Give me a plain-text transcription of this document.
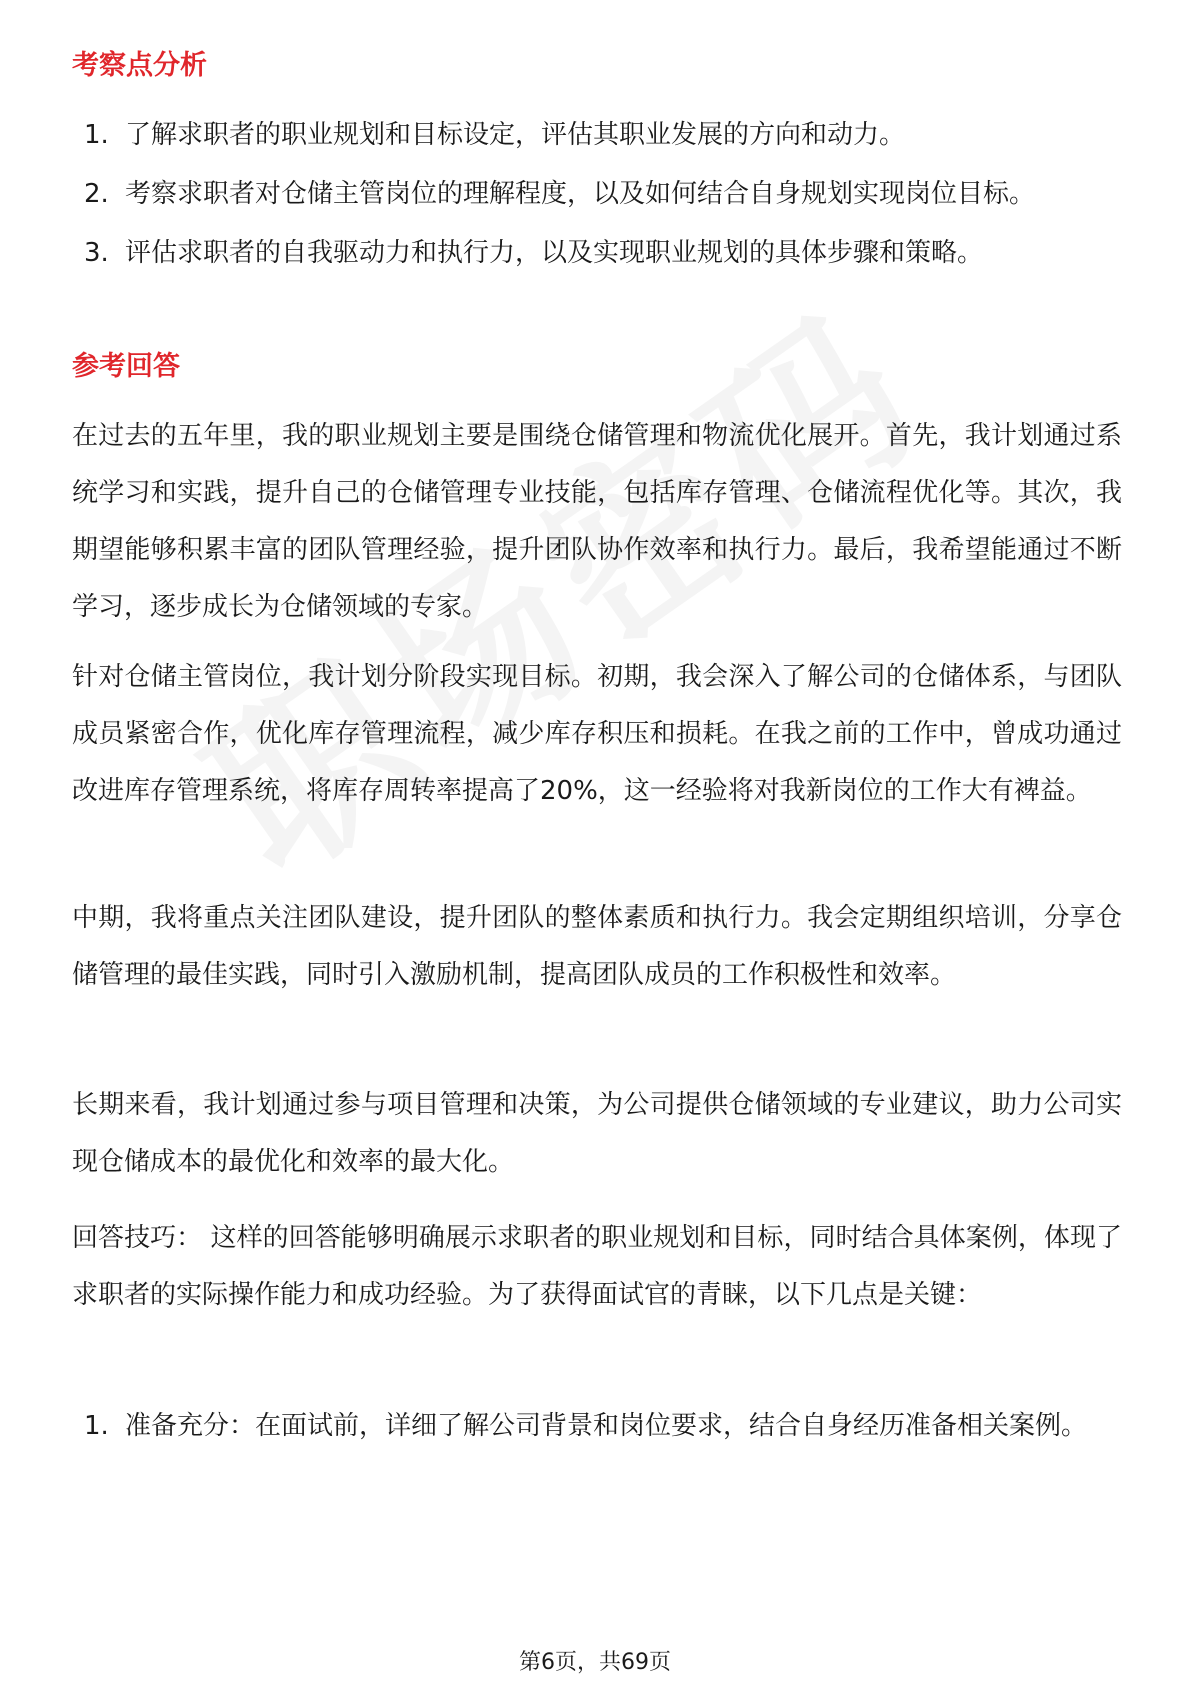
考察点分析
1. 了解求职者的职业规划和目标设定，评估其职业发展的方向和动力。
2. 考察求职者对仓储主管岗位的理解程度，以及如何结合自身规划实现岗位目标。
3. 评估求职者的自我驱动力和执行力，以及实现职业规划的具体步骤和策略。
参考回答

在过去的五年里，我的职业规划主要是围绕仓储管理和物流优化展开。首先，我计划通过系统学习和实践，提升自己的仓储管理专业技能，包括库存管理、仓储流程优化等。其次，我期望能够积累丰富的团队管理经验，提升团队协作效率和执行力。最后，我希望能通过不断学习，逐步成长为仓储领域的专家。

针对仓储主管岗位，我计划分阶段实现目标。初期，我会深入了解公司的仓储体系，与团队成员紧密合作，优化库存管理流程，减少库存积压和损耗。在我之前的工作中，曾成功通过改进库存管理系统，将库存周转率提高了20%，这一经验将对我新岗位的工作大有裨益。

中期，我将重点关注团队建设，提升团队的整体素质和执行力。我会定期组织培训，分享仓储管理的最佳实践，同时引入激励机制，提高团队成员的工作积极性和效率。

长期来看，我计划通过参与项目管理和决策，为公司提供仓储领域的专业建议，助力公司实现仓储成本的最优化和效率的最大化。

回答技巧： 这样的回答能够明确展示求职者的职业规划和目标，同时结合具体案例，体现了求职者的实际操作能力和成功经验。为了获得面试官的青睐，以下几点是关键：

1. 准备充分：在面试前，详细了解公司背景和岗位要求，结合自身经历准备相关案例。
第6页，共69页
